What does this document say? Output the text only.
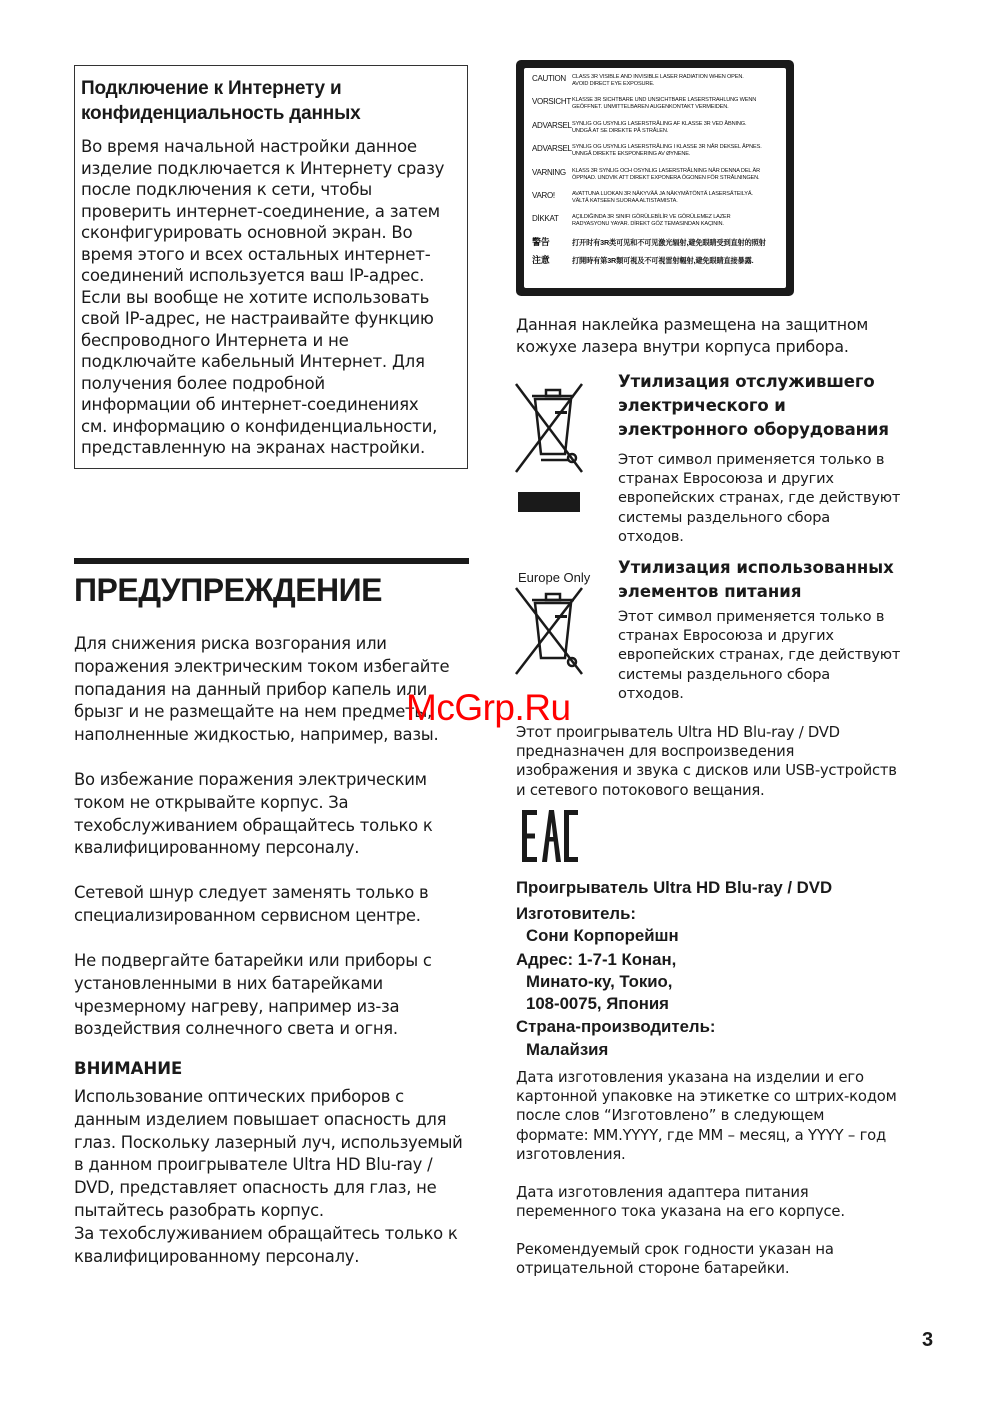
Подключение к Интернету и
конфиденциальность данных
Во время начальной настройки данное
изделие подключается к Интернету сразу
после подключения к сети, чтобы
проверить интернет-соединение, а затем
сконфигурировать основной экран. Во
время этого и всех остальных интернет-
соединений используется ваш IP-адрес.
Если вы вообще не хотите использовать
свой IP-адрес, не настраивайте функцию
беспроводного Интернета и не
подключайте кабельный Интернет. Для
получения более подробной
информации об интернет-соединениях
см. информацию о конфиденциальности,
представленную на экранах настройки.
ПРЕДУПРЕЖДЕНИЕ

Для снижения риска возгорания или
поражения электрическим током избегайте
попадания на данный прибор капель или
брызг и не размещайте на нем предметы,
наполненные жидкостью, например, вазы.

Во избежание поражения электрическим
током не открывайте корпус. За
техобслуживанием обращайтесь только к
квалифицированному персоналу.

Сетевой шнур следует заменять только в
специализированном сервисном центре.

Не подвергайте батарейки или приборы с
установленными в них батарейками
чрезмерному нагреву, например из-за
воздействия солнечного света и огня.

ВНИМАНИЕ

Использование оптических приборов с
данным изделием повышает опасность для
глаз. Поскольку лазерный луч, используемый
в данном проигрывателе Ultra HD Blu-ray /
DVD, представляет опасность для глаз, не
пытайтесь разобрать корпус.
За техобслуживанием обращайтесь только к
квалифицированному персоналу.

CAUTION	CLASS 3R VISIBLE AND INVISIBLE LASER RADIATION WHEN OPEN.
AVOID DIRECT EYE EXPOSURE.
VORSICHT KLASSE 3R SICHTBARE UND UNSICHTBARE LASERSTRAHLUNG WENN
GEÖFFNET. UNMITTELBAREN AUGENKONTAKT VERMEIDEN.
ADVARSEL SYNLIG OG USYNLIG LASERSTRÅLING AF KLASSE 3R VED ÅBNING.
UNDGÅ AT SE DIREKTE PÅ STRÅLEN.
ADVARSEL SYNLIG OG USYNLIG LASERSTRÅLING I KLASSE 3R NÅR DEKSEL ÅPNES.
UNNGÅ DIREKTE EKSPONERING AV ØYNENE.
VARNING	KLASS 3R SYNLIG OCH OSYNLIG LASERSTRÅLNING NÄR DENNA DEL ÄR
ÖPPNAD. UNDVIK ATT DIREKT EXPONERA ÖGONEN FÖR STRÅLNINGEN.
VARO!	AVATTUNA LUOKAN 3R NÄKYVÄÄ JA NÄKYMÄTÖNTÄ LASERSÄTEILYÄ.
VÄLTÄ KATSEEN SUORAA ALTISTAMISTA.
DİKKAT	AÇILDIĞINDA 3R SINIFI GÖRÜLEBİLİR VE GÖRÜLEMEZ LAZER
RADYASYONU YAYAR. DİREKT GÖZ TEMASINDAN KAÇININ.
警告	打开时有3R类可见和不可见激光辐射,避免眼睛受到直射的照射
注意	打開時有第3R類可視及不可視雷射輻射,避免眼睛直接暴露.
Данная наклейка размещена на защитном
кожухе лазера внутри корпуса прибора.
Утилизация отслужившего
электрического и
электронного оборудования
Этот символ применяется только в
странах Евросоюза и других
европейских странах, где действуют
системы раздельного сбора
отходов.
Europe Only
Утилизация использованных
элементов питания
Этот символ применяется только в
странах Евросоюза и других
европейских странах, где действуют
системы раздельного сбора
отходов.
Этот проигрыватель Ultra HD Blu-ray / DVD
предназначен для воспроизведения
изображения и звука с дисков или USB-устройств
и сетевого потокового вещания.
Проигрыватель Ultra HD Blu-ray / DVD
Изготовитель:
Сони Корпорейшн
Адрес: 1-7-1 Конан,
Минато-ку, Токио,
108-0075, Япония
Страна-производитель:
Малайзия
Дата изготовления указана на изделии и его
картонной упаковке на этикетке со штрих-кодом
после слов “Изготовлено” в следующем
формате: MM.YYYY, где MM – месяц, а YYYY – год
изготовления.
Дата изготовления адаптера питания
переменного тока указана на его корпусе.
Рекомендуемый срок годности указан на
отрицательной стороне батарейки.
McGrp.Ru
3
